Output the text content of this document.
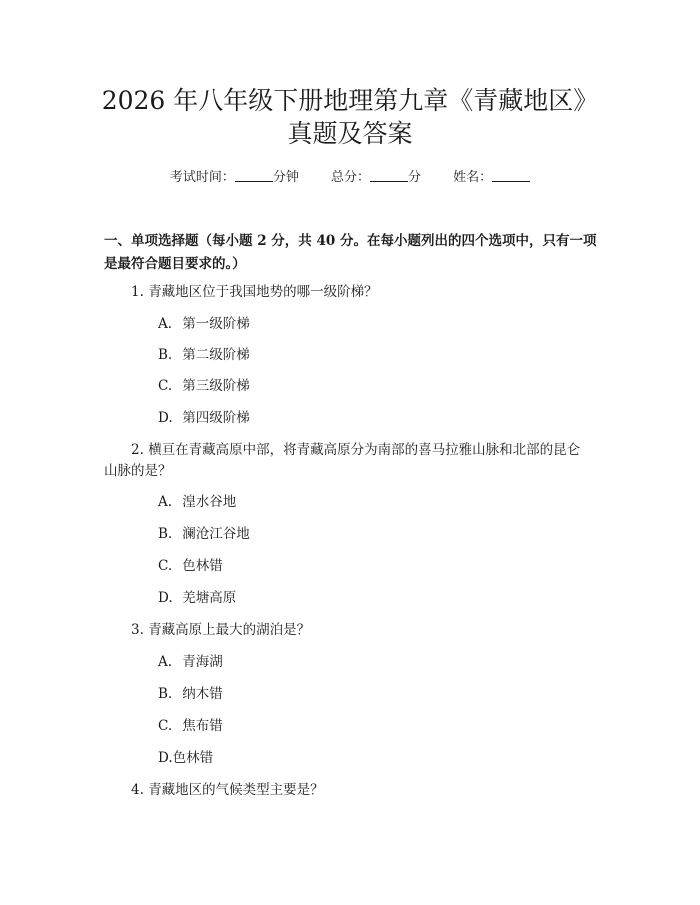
2026 年八年级下册地理第九章《青藏地区》
真题及答案
考试时间：	分钟 总分：	分 姓名：

一、单项选择题（每小题 2 分，共 40 分。在每小题列出的四个选项中，只有一项

是最符合题目要求的。）

1. 青藏地区位于我国地势的哪一级阶梯？
A. 第一级阶梯
B. 第二级阶梯
C. 第三级阶梯
D. 第四级阶梯
2. 横亘在青藏高原中部，将青藏高原分为南部的喜马拉雅山脉和北部的昆仑
山脉的是？
A. 湟水谷地
B. 澜沧江谷地
C. 色林错
D. 羌塘高原
3. 青藏高原上最大的湖泊是？
A. 青海湖
B. 纳木错
C. 焦布错
D.色林错
4. 青藏地区的气候类型主要是？
